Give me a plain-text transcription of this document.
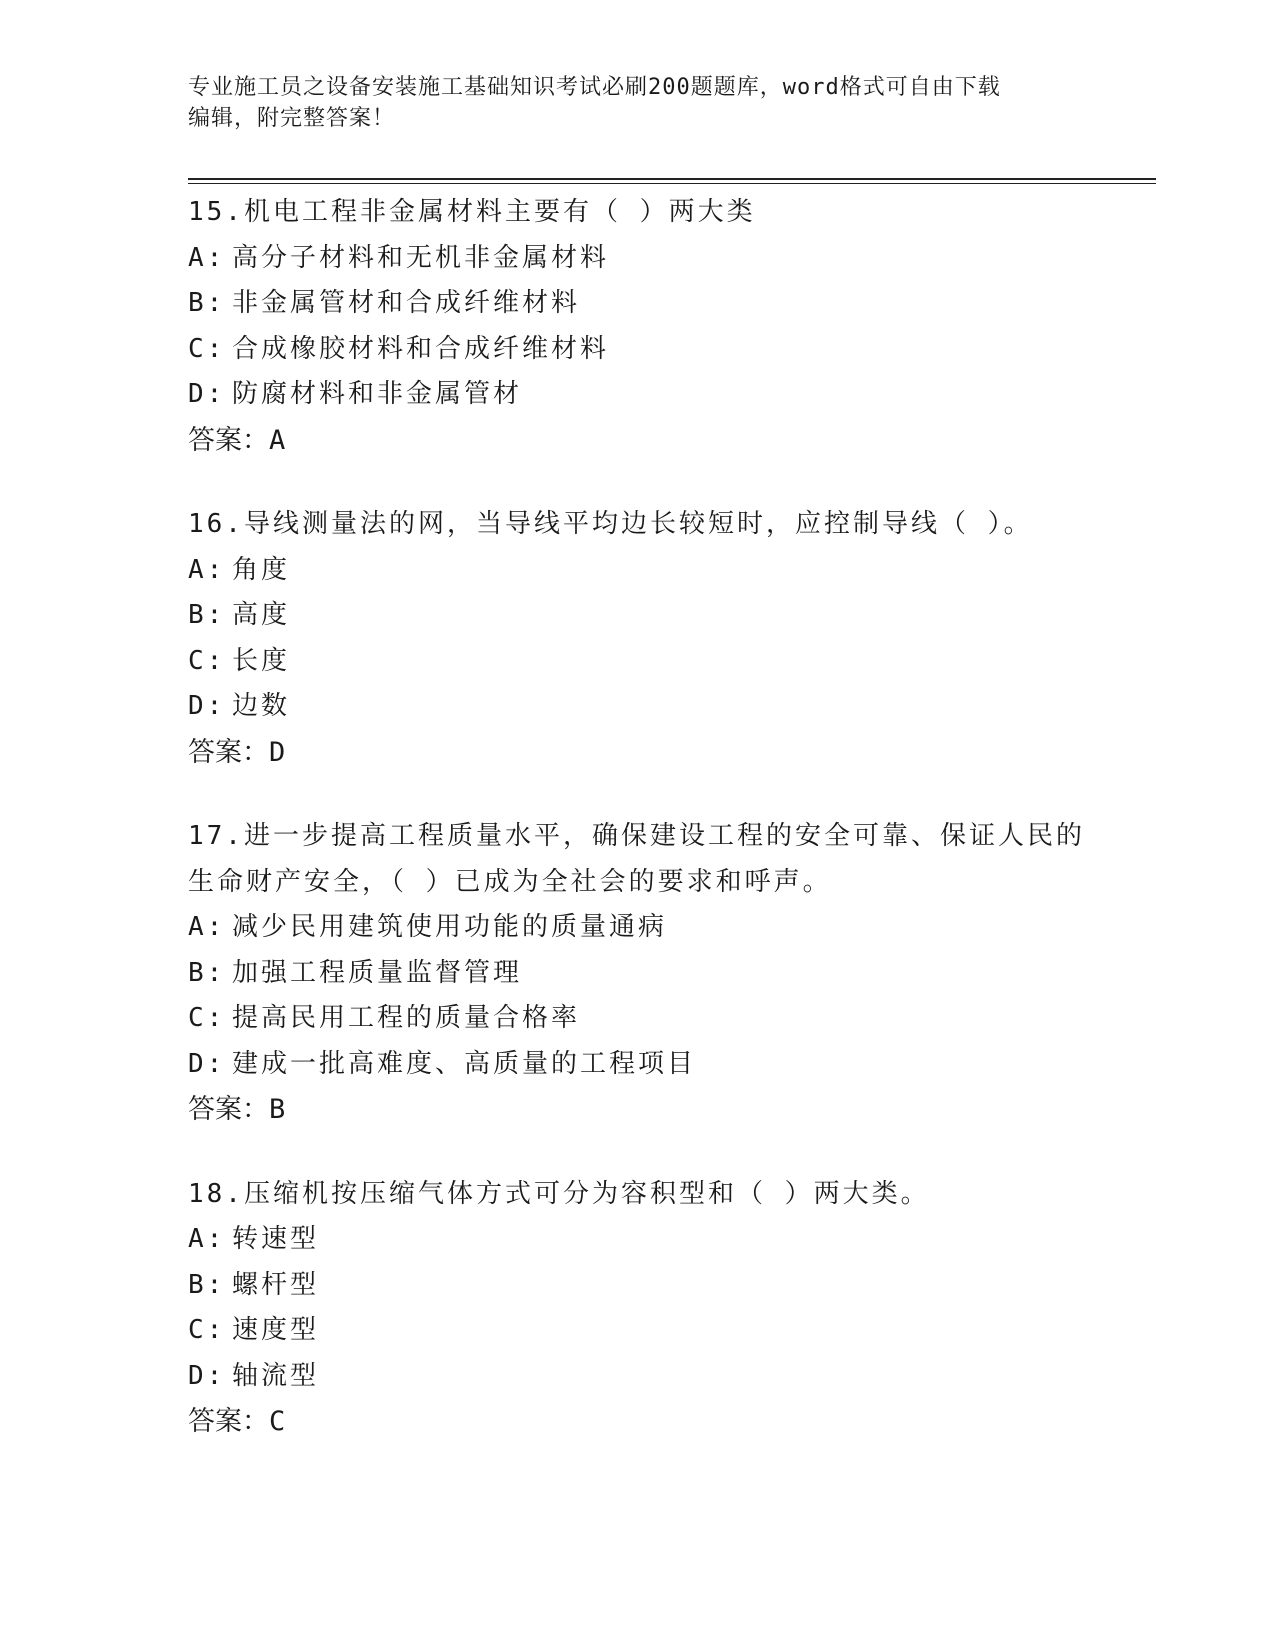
专业施工员之设备安装施工基础知识考试必刷200题题库，word格式可自由下载
编辑，附完整答案！
15.机电工程非金属材料主要有（ ）两大类
A: 高分子材料和无机非金属材料
B: 非金属管材和合成纤维材料
C: 合成橡胶材料和合成纤维材料
D: 防腐材料和非金属管材
答案：A
16.导线测量法的网，当导线平均边长较短时，应控制导线（ ）。
A: 角度
B: 高度
C: 长度
D: 边数
答案：D
17.进一步提高工程质量水平，确保建设工程的安全可靠、保证人民的生命财产安全，（ ）已成为全社会的要求和呼声。
A: 减少民用建筑使用功能的质量通病
B: 加强工程质量监督管理
C: 提高民用工程的质量合格率
D: 建成一批高难度、高质量的工程项目
答案：B
18.压缩机按压缩气体方式可分为容积型和（ ）两大类。
A: 转速型
B: 螺杆型
C: 速度型
D: 轴流型
答案：C
